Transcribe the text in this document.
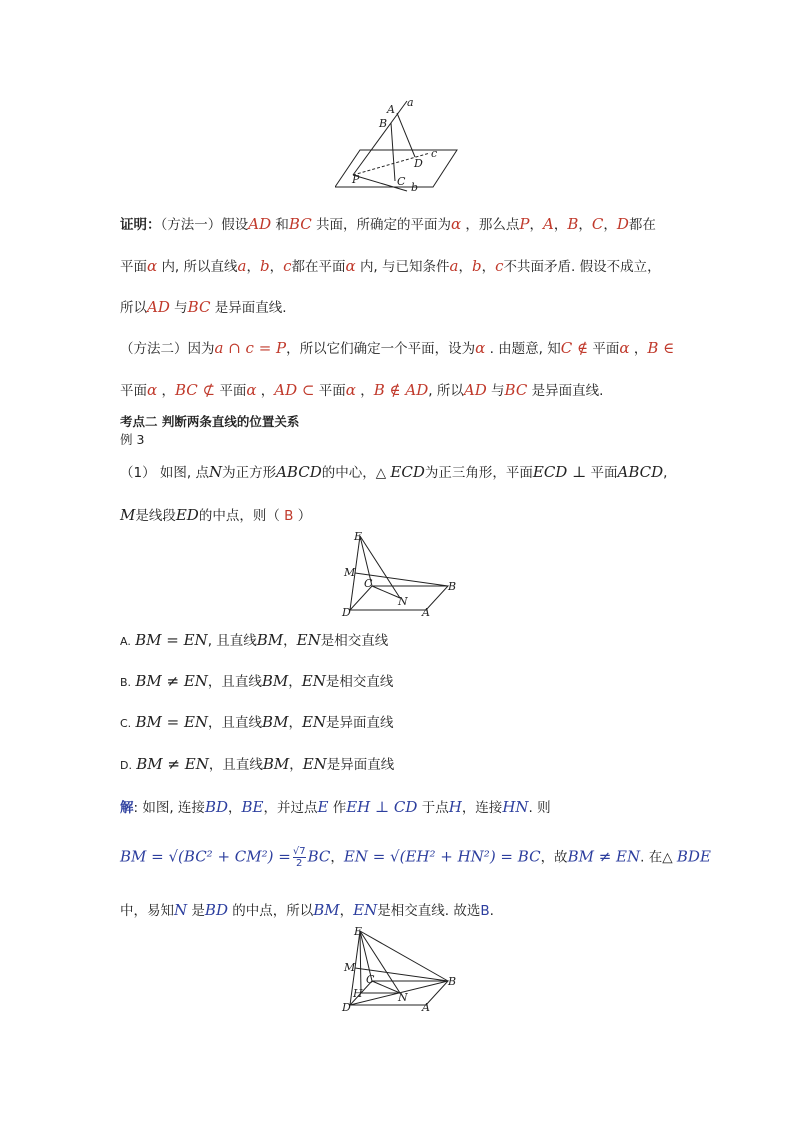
A
a
B
c
D
P	C b
证明：（方法一）假设AD 和BC 共面，所确定的平面为α ，那么点P，A，B，C，D都在
平面α 内, 所以直线a，b，c都在平面α 内, 与已知条件a，b，c不共面矛盾. 假设不成立，
所以AD 与BC 是异面直线.
（方法二）因为a ∩ c = P，所以它们确定一个平面，设为α . 由题意, 知C ∉ 平面α ，B ∈
平面α ，BC ⊄ 平面α ，AD ⊂ 平面α ，B ∉ AD, 所以AD 与BC 是异面直线.
考点二 判断两条直线的位置关系
例 3
（1） 如图, 点N为正方形ABCD的中心，△ ECD为正三角形，平面ECD ⊥ 平面ABCD,
M是线段ED的中点，则（ B ）
E
M
C	B
N
D	A
A. BM = EN, 且直线BM，EN是相交直线
B. BM ≠ EN，且直线BM，EN是相交直线
C. BM = EN，且直线BM，EN是异面直线
D. BM ≠ EN，且直线BM，EN是异面直线
解: 如图, 连接BD，BE，并过点E 作EH ⊥ CD 于点H，连接HN. 则
BM = $√(BC^2 + CM^2) = \frac{√7}{2}$ BC，EN = √(EH² + HN²) = BC，故BM ≠ EN. 在△ BDE
中，易知N 是BD 的中点，所以BM，EN是相交直线. 故选B.
E
M
C
H
B
N
D	A
